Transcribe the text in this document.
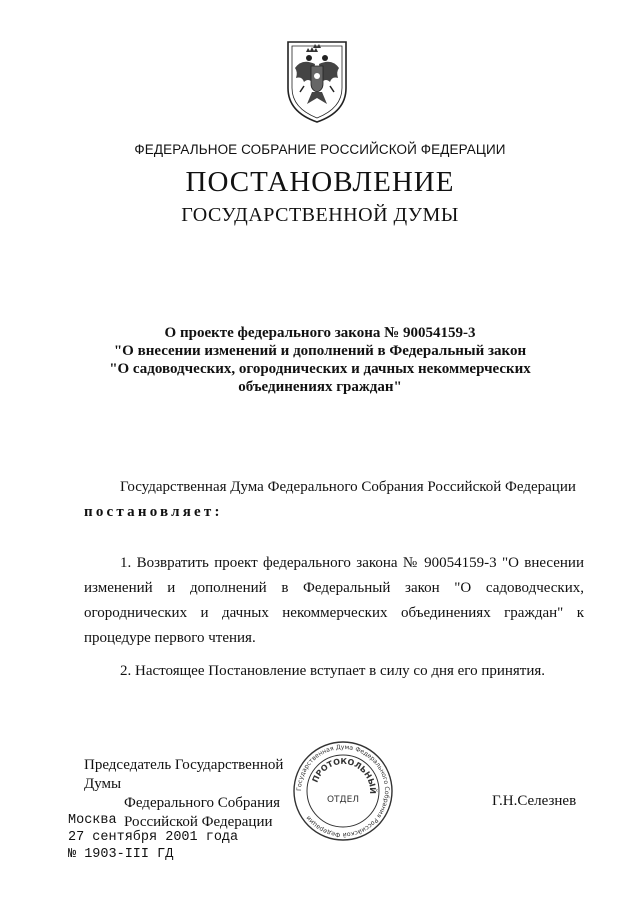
ФЕДЕРАЛЬНОЕ СОБРАНИЕ РОССИЙСКОЙ ФЕДЕРАЦИИ
ПОСТАНОВЛЕНИЕ
ГОСУДАРСТВЕННОЙ ДУМЫ
О проекте федерального закона № 90054159-3
"О внесении изменений и дополнений в Федеральный закон
"О садоводческих, огороднических и дачных некоммерческих
объединениях граждан"
Государственная Дума Федерального Собрания Российской Федерации
постановляет:
1. Возвратить проект федерального закона № 90054159-3 "О внесении
изменений и дополнений в Федеральный закон "О садоводческих,
огороднических и дачных некоммерческих объединениях граждан" к
процедуре первого чтения.
2. Настоящее Постановление вступает в силу со дня его принятия.
Председатель Государственной Думы
Федерального Собрания
Российской Федерации
Г.Н.Селезнев
Москва
27 сентября 2001 года
№ 1903-III ГД
Государственная Дума Федерального Собрания Российской Федерации
ПРОТОКОЛЬНЫЙ
ОТДЕЛ
